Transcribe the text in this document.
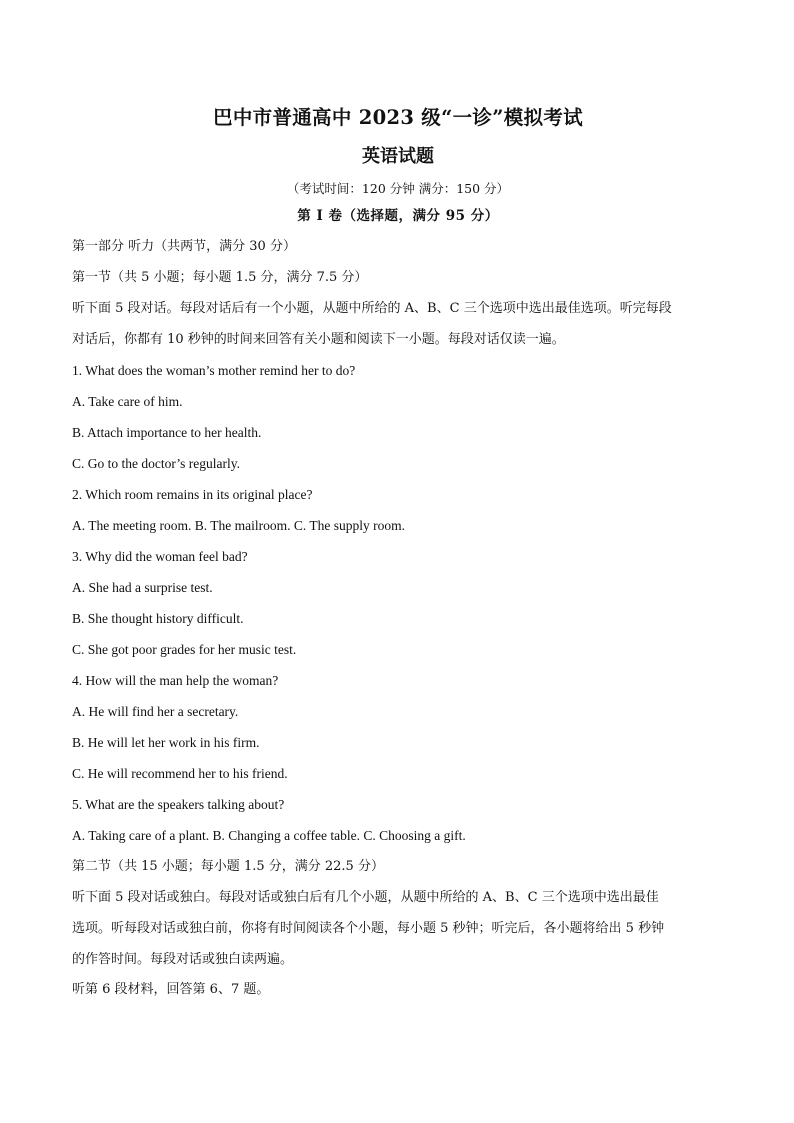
巴中市普通高中 2023 级“一诊”模拟考试
英语试题
（考试时间：120 分钟 满分：150 分）
第 I 卷（选择题，满分 95 分）
第一部分 听力（共两节，满分 30 分）
第一节（共 5 小题；每小题 1.5 分，满分 7.5 分）
听下面 5 段对话。每段对话后有一个小题，从题中所给的 A、B、C 三个选项中选出最佳选项。听完每段
对话后，你都有 10 秒钟的时间来回答有关小题和阅读下一小题。每段对话仅读一遍。
1. What does the woman’s mother remind her to do?
A. Take care of him.
B. Attach importance to her health.
C. Go to the doctor’s regularly.
2. Which room remains in its original place?
A. The meeting room. B. The mailroom. C. The supply room.
3. Why did the woman feel bad?
A. She had a surprise test.
B. She thought history difficult.
C. She got poor grades for her music test.
4. How will the man help the woman?
A. He will find her a secretary.
B. He will let her work in his firm.
C. He will recommend her to his friend.
5. What are the speakers talking about?
A. Taking care of a plant. B. Changing a coffee table. C. Choosing a gift.
第二节（共 15 小题；每小题 1.5 分，满分 22.5 分）
听下面 5 段对话或独白。每段对话或独白后有几个小题，从题中所给的 A、B、C 三个选项中选出最佳
选项。听每段对话或独白前，你将有时间阅读各个小题，每小题 5 秒钟；听完后，各小题将给出 5 秒钟
的作答时间。每段对话或独白读两遍。
听第 6 段材料，回答第 6、7 题。
